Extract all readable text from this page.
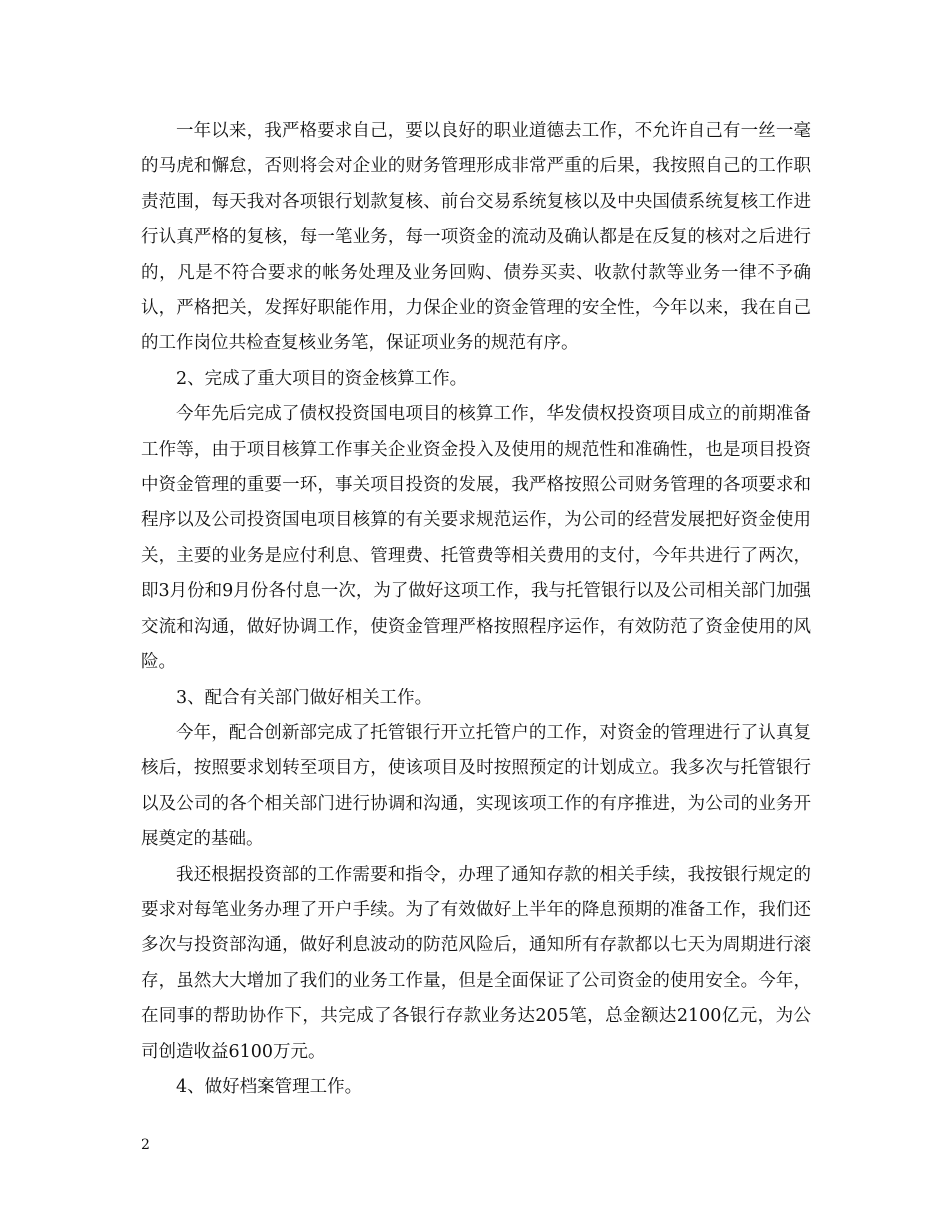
一年以来，我严格要求自己，要以良好的职业道德去工作，不允许自己有一丝一毫的马虎和懈怠，否则将会对企业的财务管理形成非常严重的后果，我按照自己的工作职责范围，每天我对各项银行划款复核、前台交易系统复核以及中央国债系统复核工作进行认真严格的复核，每一笔业务，每一项资金的流动及确认都是在反复的核对之后进行的，凡是不符合要求的帐务处理及业务回购、债券买卖、收款付款等业务一律不予确认，严格把关，发挥好职能作用，力保企业的资金管理的安全性，今年以来，我在自己的工作岗位共检查复核业务笔，保证项业务的规范有序。

2、完成了重大项目的资金核算工作。

今年先后完成了债权投资国电项目的核算工作，华发债权投资项目成立的前期准备工作等，由于项目核算工作事关企业资金投入及使用的规范性和准确性，也是项目投资中资金管理的重要一环，事关项目投资的发展，我严格按照公司财务管理的各项要求和程序以及公司投资国电项目核算的有关要求规范运作，为公司的经营发展把好资金使用关，主要的业务是应付利息、管理费、托管费等相关费用的支付，今年共进行了两次，即3月份和9月份各付息一次，为了做好这项工作，我与托管银行以及公司相关部门加强交流和沟通，做好协调工作，使资金管理严格按照程序运作，有效防范了资金使用的风险。

3、配合有关部门做好相关工作。

今年，配合创新部完成了托管银行开立托管户的工作，对资金的管理进行了认真复核后，按照要求划转至项目方，使该项目及时按照预定的计划成立。我多次与托管银行以及公司的各个相关部门进行协调和沟通，实现该项工作的有序推进，为公司的业务开展奠定的基础。

我还根据投资部的工作需要和指令，办理了通知存款的相关手续，我按银行规定的要求对每笔业务办理了开户手续。为了有效做好上半年的降息预期的准备工作，我们还多次与投资部沟通，做好利息波动的防范风险后，通知所有存款都以七天为周期进行滚存，虽然大大增加了我们的业务工作量，但是全面保证了公司资金的使用安全。今年，在同事的帮助协作下，共完成了各银行存款业务达205笔，总金额达2100亿元，为公司创造收益6100万元。

4、做好档案管理工作。

2
